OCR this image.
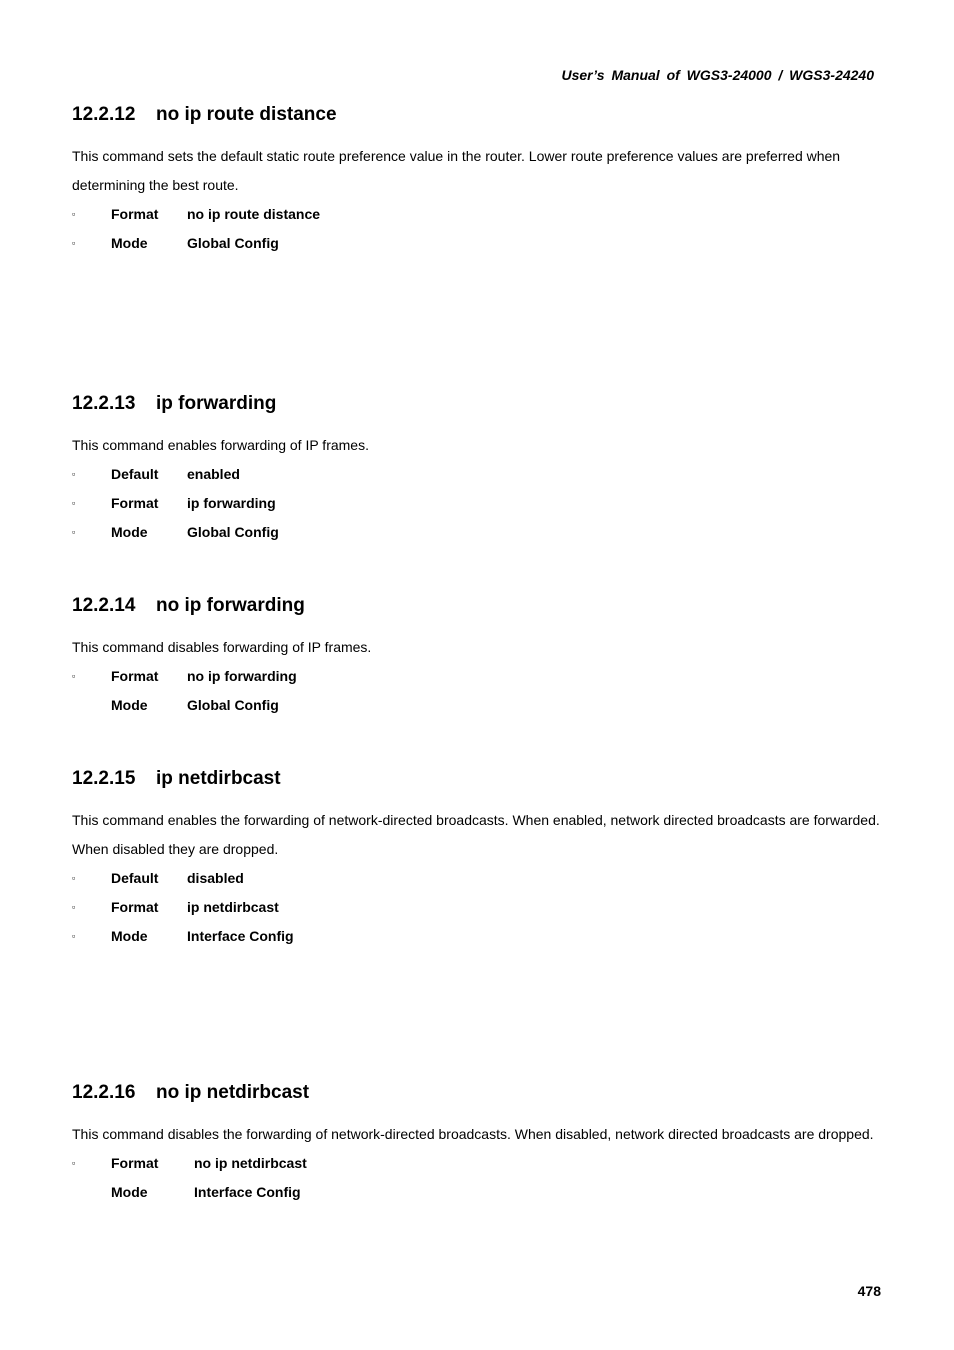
User’s Manual of WGS3-24000 / WGS3-24240
12.2.12 no ip route distance

This command sets the default static route preference value in the router. Lower route preference values are preferred when determining the best route.

▫	Format no ip route distance
▫	Mode	Global Config
12.2.13 ip forwarding

This command enables forwarding of IP frames.

▫	Default enabled
▫	Format ip forwarding
▫	Mode	Global Config
12.2.14 no ip forwarding

This command disables forwarding of IP frames.

▫	Format no ip forwarding
Mode	Global Config
12.2.15 ip netdirbcast

This command enables the forwarding of network-directed broadcasts. When enabled, network directed broadcasts are forwarded. When disabled they are dropped.

▫	Default disabled
▫	Format ip netdirbcast
▫	Mode	Interface Config
12.2.16 no ip netdirbcast

This command disables the forwarding of network-directed broadcasts. When disabled, network directed broadcasts are dropped.

▫	Format	no ip netdirbcast
Mode	Interface Config
478
